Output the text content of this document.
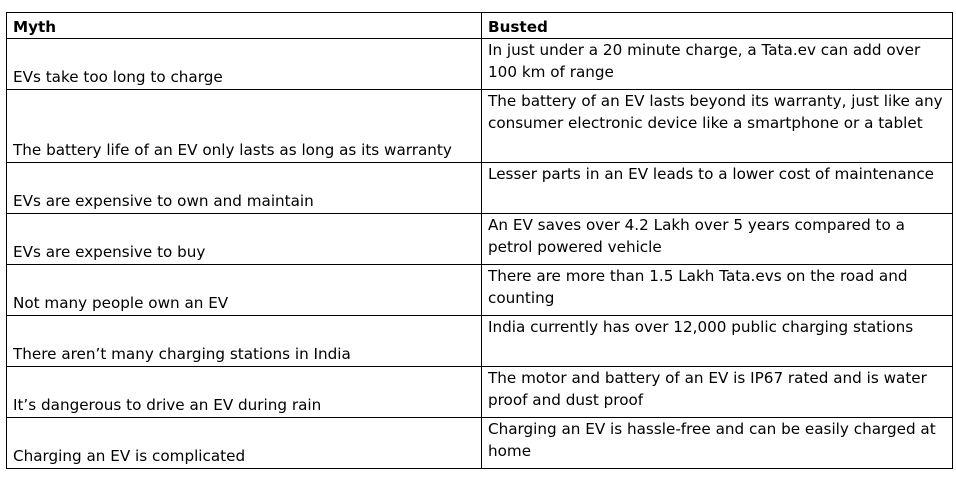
Myth	Busted
EVs take too long to charge	In just under a 20 minute charge, a Tata.ev can add over 100 km of range
The battery life of an EV only lasts as long as its warranty	The battery of an EV lasts beyond its warranty, just like any consumer electronic device like a smartphone or a tablet
EVs are expensive to own and maintain	Lesser parts in an EV leads to a lower cost of maintenance
EVs are expensive to buy	An EV saves over 4.2 Lakh over 5 years compared to a petrol powered vehicle
Not many people own an EV	There are more than 1.5 Lakh Tata.evs on the road and counting
There aren’t many charging stations in India	India currently has over 12,000 public charging stations
It’s dangerous to drive an EV during rain	The motor and battery of an EV is IP67 rated and is water proof and dust proof
Charging an EV is complicated	Charging an EV is hassle-free and can be easily charged at home
